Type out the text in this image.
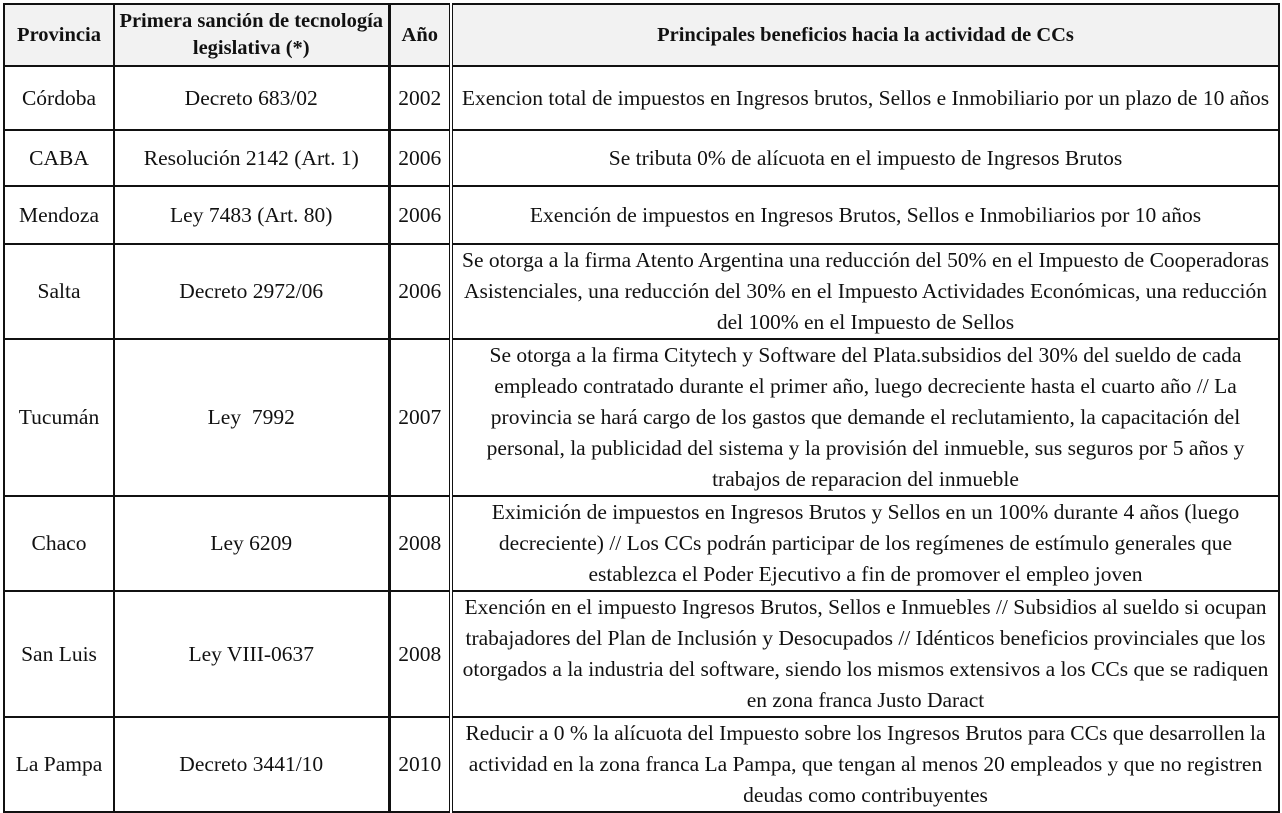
Provincia	Primera sanción de tecnología legislativa (*)	Año	Principales beneficios hacia la actividad de CCs
Córdoba	Decreto 683/02	2002	Exencion total de impuestos en Ingresos brutos, Sellos e Inmobiliario por un plazo de 10 años
CABA	Resolución 2142 (Art. 1)	2006	Se tributa 0% de alícuota en el impuesto de Ingresos Brutos
Mendoza	Ley 7483 (Art. 80)	2006	Exención de impuestos en Ingresos Brutos, Sellos e Inmobiliarios por 10 años
Salta	Decreto 2972/06	2006	Se otorga a la firma Atento Argentina una reducción del 50% en el Impuesto de Cooperadoras Asistenciales, una reducción del 30% en el Impuesto Actividades Económicas, una reducción del 100% en el Impuesto de Sellos
Tucumán	Ley  7992	2007	Se otorga a la firma Citytech y Software del Plata.subsidios del 30% del sueldo de cada empleado contratado durante el primer año, luego decreciente hasta el cuarto año // La provincia se hará cargo de los gastos que demande el reclutamiento, la capacitación del personal, la publicidad del sistema y la provisión del inmueble, sus seguros por 5 años y trabajos de reparacion del inmueble
Chaco	Ley 6209	2008	Eximición de impuestos en Ingresos Brutos y Sellos en un 100% durante 4 años (luego decreciente) // Los CCs podrán participar de los regímenes de estímulo generales que establezca el Poder Ejecutivo a fin de promover el empleo joven
San Luis	Ley VIII-0637	2008	Exención en el impuesto Ingresos Brutos, Sellos e Inmuebles // Subsidios al sueldo si ocupan trabajadores del Plan de Inclusión y Desocupados // Idénticos beneficios provinciales que los otorgados a la industria del software, siendo los mismos extensivos a los CCs que se radiquen en zona franca Justo Daract
La Pampa	Decreto 3441/10	2010	Reducir a 0 % la alícuota del Impuesto sobre los Ingresos Brutos para CCs que desarrollen la actividad en la zona franca La Pampa, que tengan al menos 20 empleados y que no registren deudas como contribuyentes
